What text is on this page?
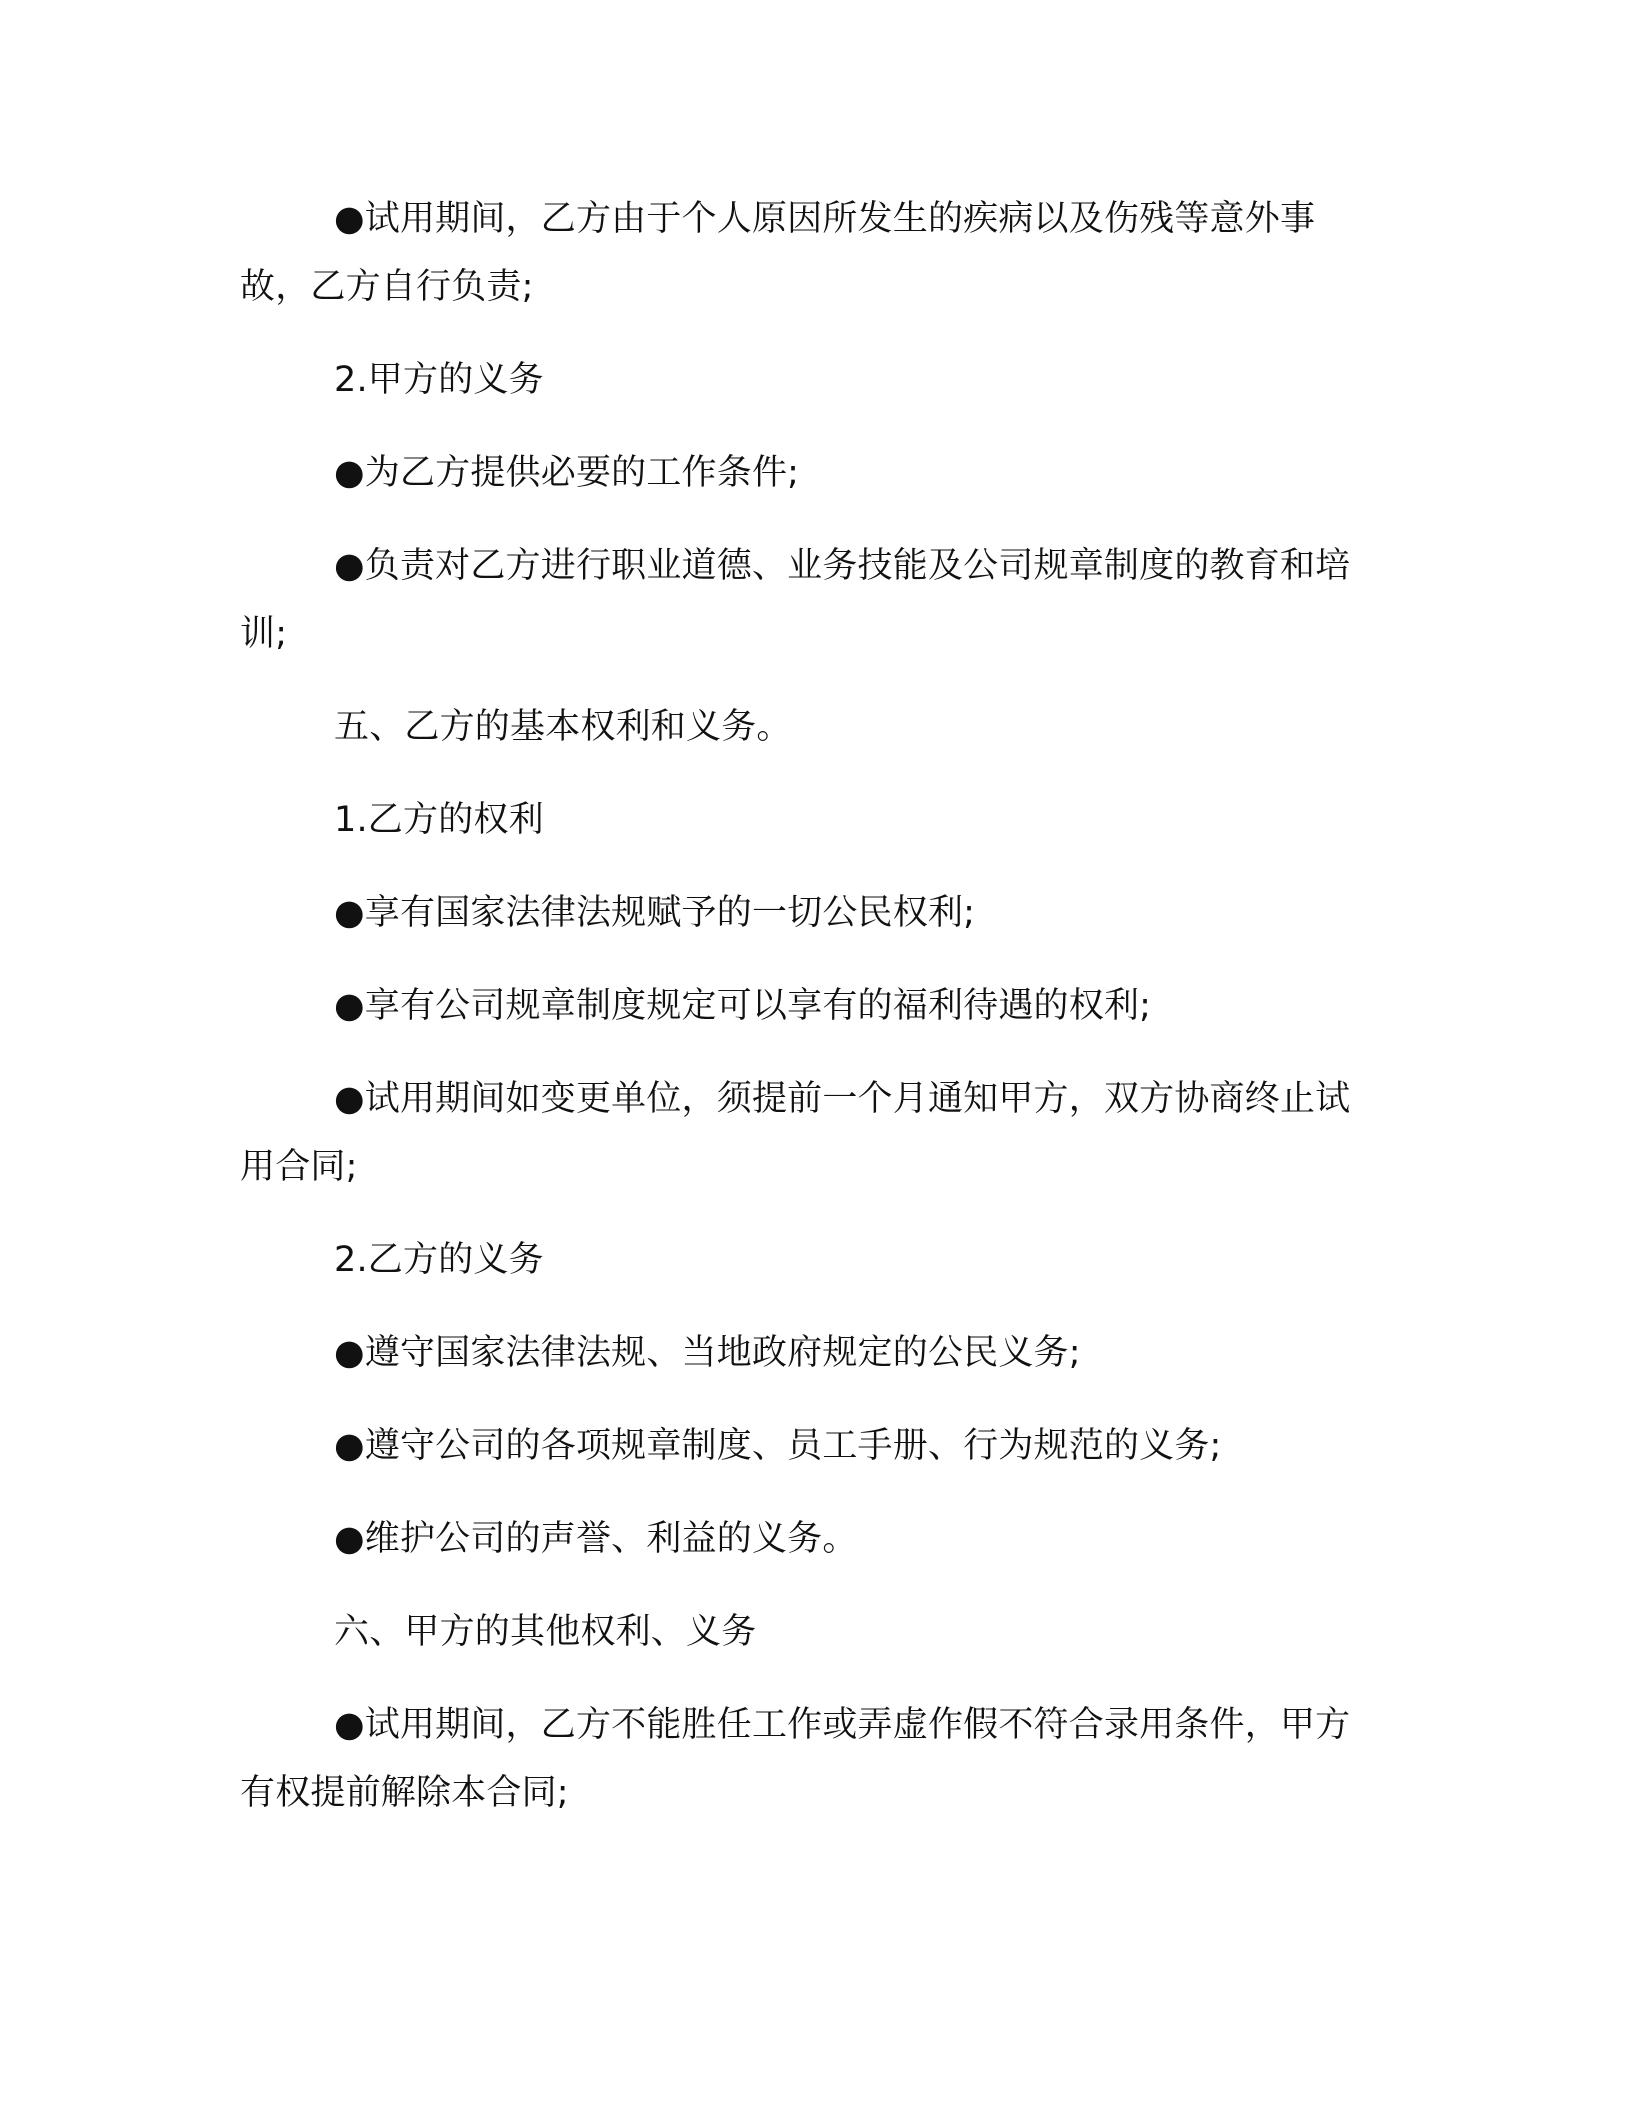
●试用期间，乙方由于个人原因所发生的疾病以及伤残等意外事故，乙方自行负责;

2.甲方的义务

●为乙方提供必要的工作条件;

●负责对乙方进行职业道德、业务技能及公司规章制度的教育和培训;

五、乙方的基本权利和义务。

1.乙方的权利

●享有国家法律法规赋予的一切公民权利;

●享有公司规章制度规定可以享有的福利待遇的权利;

●试用期间如变更单位，须提前一个月通知甲方，双方协商终止试用合同;

2.乙方的义务

●遵守国家法律法规、当地政府规定的公民义务;

●遵守公司的各项规章制度、员工手册、行为规范的义务;

●维护公司的声誉、利益的义务。

六、甲方的其他权利、义务

●试用期间，乙方不能胜任工作或弄虚作假不符合录用条件，甲方有权提前解除本合同;
